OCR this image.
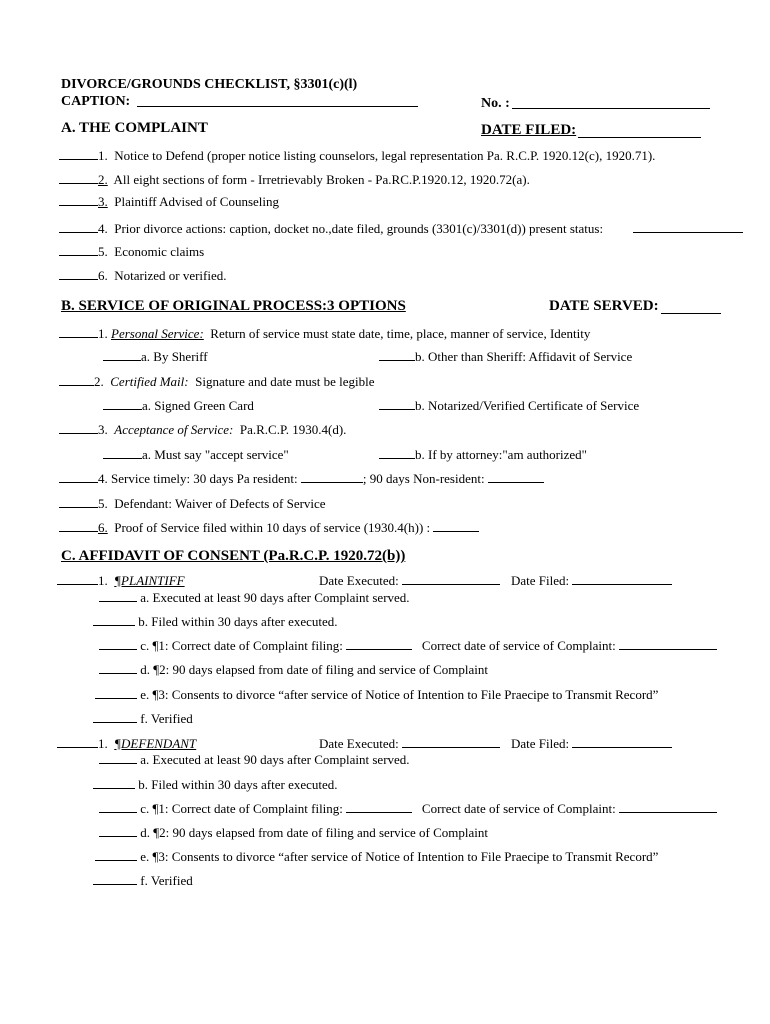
DIVORCE/GROUNDS CHECKLIST, §3301(c)(l)
CAPTION:	No. :
A. THE COMPLAINT	DATE FILED:
1. Notice to Defend (proper notice listing counselors, legal representation Pa. R.C.P. 1920.12(c), 1920.71).
2. All eight sections of form - Irretrievably Broken - Pa.RC.P.1920.12, 1920.72(a).
3. Plaintiff Advised of Counseling
4. Prior divorce actions: caption, docket no.,date filed, grounds (3301(c)/3301(d)) present status:
5. Economic claims
6. Notarized or verified.
B. SERVICE OF ORIGINAL PROCESS:3 OPTIONS	DATE SERVED:
1. Personal Service: Return of service must state date, time, place, manner of service, Identity
a. By Sheriff	b. Other than Sheriff: Affidavit of Service
2. Certified Mail: Signature and date must be legible
a. Signed Green Card	b. Notarized/Verified Certificate of Service
3. Acceptance of Service: Pa.R.C.P. 1930.4(d).
a. Must say "accept service"	b. If by attorney:"am authorized"
4. Service timely: 30 days Pa resident:	; 90 days Non-resident:
5. Defendant: Waiver of Defects of Service
6. Proof of Service filed within 10 days of service (1930.4(h)) :
C. AFFIDAVIT OF CONSENT (Pa.R.C.P. 1920.72(b))
1. ¶PLAINTIFF	Date Executed:	Date Filed:
a. Executed at least 90 days after Complaint served.
b. Filed within 30 days after executed.
c. ¶1: Correct date of Complaint filing:	Correct date of service of Complaint:
d. ¶2: 90 days elapsed from date of filing and service of Complaint
e. ¶3: Consents to divorce “after service of Notice of Intention to File Praecipe to Transmit Record”
f. Verified
1. ¶DEFENDANT	Date Executed:	Date Filed:
a. Executed at least 90 days after Complaint served.
b. Filed within 30 days after executed.
c. ¶1: Correct date of Complaint filing:	Correct date of service of Complaint:
d. ¶2: 90 days elapsed from date of filing and service of Complaint
e. ¶3: Consents to divorce “after service of Notice of Intention to File Praecipe to Transmit Record”
f. Verified
